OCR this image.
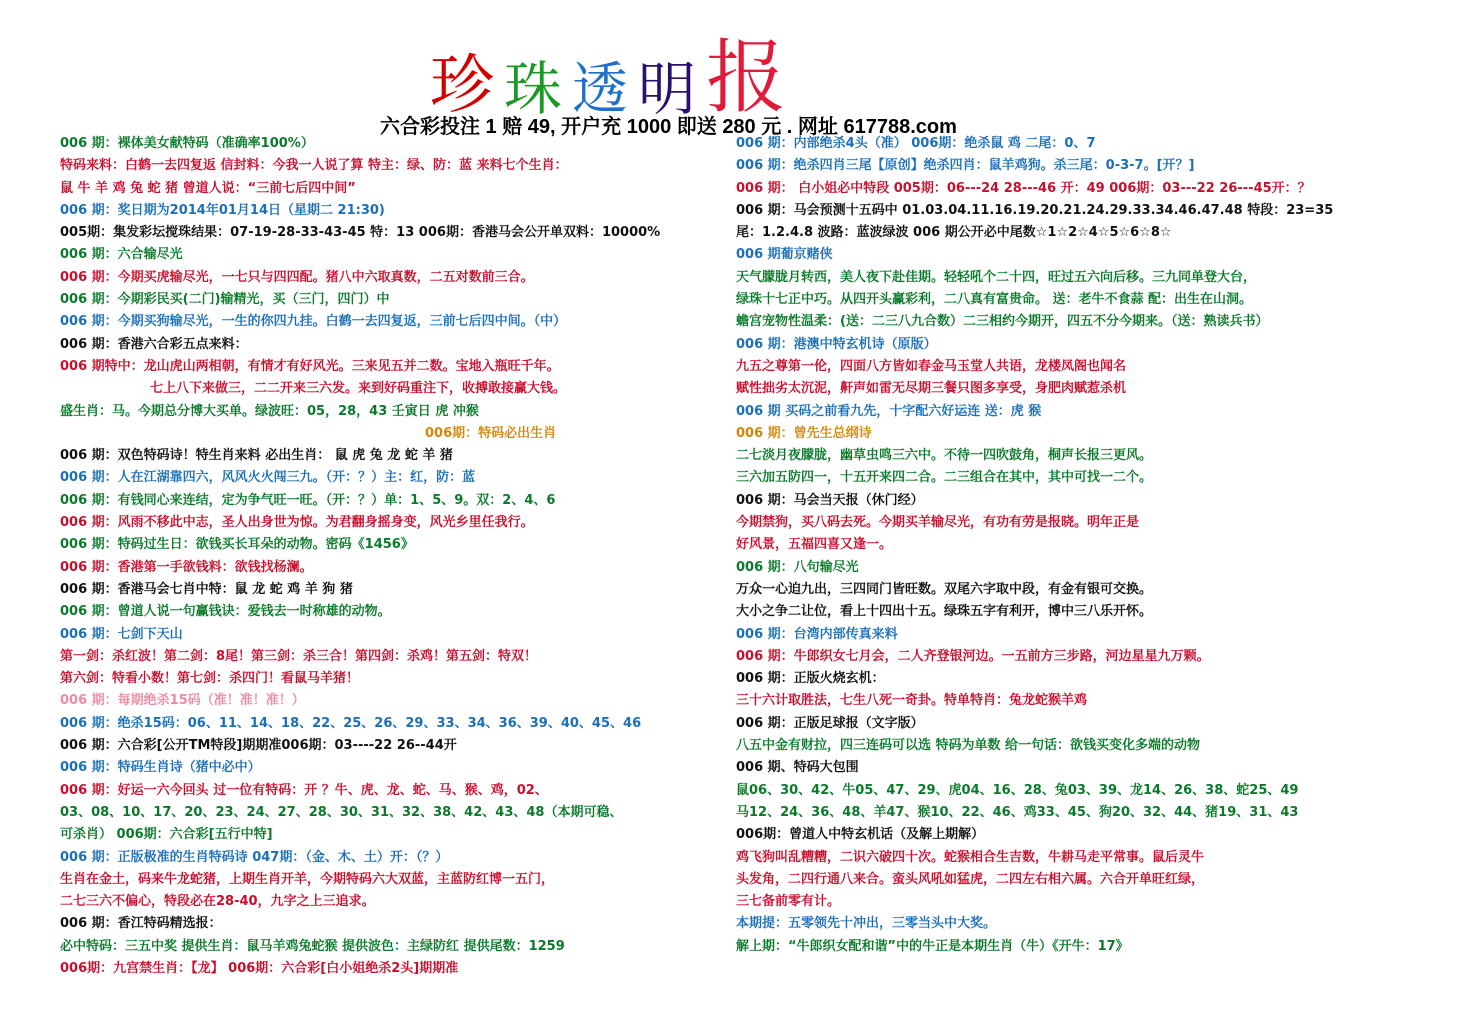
珍 珠 透 明 报
六合彩投注 1 赔 49, 开户充 1000 即送 280 元 . 网址 617788.com
006 期：裸体美女献特码（准确率100%）
特码来料：白鹤一去四复返 信封料：今我一人说了算 特主：绿、防：蓝 来料七个生肖：
鼠 牛 羊 鸡 兔 蛇 猪 曾道人说：“三前七后四中间”
006 期：奖日期为2014年01月14日（星期二 21:30)
005期：集发彩坛搅珠结果：07-19-28-33-43-45 特：13 006期：香港马会公开单双料：10000%
006 期：六合输尽光
006 期：今期买虎输尽光，一七只与四四配。猪八中六取真数，二五对数前三合。
006 期：今期彩民买(二门)输精光，买（三门，四门）中
006 期：今期买狗输尽光，一生的你四九挂。白鹤一去四复返，三前七后四中间。（中）
006 期：香港六合彩五点来料：
006 期特中：龙山虎山两相朝，有情才有好风光。三来见五并二数。宝地入瓶旺千年。
七上八下来做三，二二开来三六发。来到好码重注下，收搏敢接赢大钱。
盛生肖：马。今期总分博大买单。绿波旺：05，28，43 壬寅日 虎 冲猴
006期：特码必出生肖
006 期：双色特码诗！特生肖来料 必出生肖： 鼠 虎 兔 龙 蛇 羊 猪
006 期：人在江湖靠四六，风风火火闯三九。（开：？）主：红，防：蓝
006 期：有钱同心来连结，定为争气旺一旺。（开：？）单：1、5、9。双：2、4、6
006 期：风雨不移此中志，圣人出身世为惊。为君翻身摇身变，风光乡里任我行。
006 期：特码过生日：欲钱买长耳朵的动物。密码《1456》
006 期：香港第一手欲钱料：欲钱找杨澜。
006 期：香港马会七肖中特：鼠 龙 蛇 鸡 羊 狗 猪
006 期：曾道人说一句赢钱诀：爱钱去一时称雄的动物。
006 期：七剑下天山
第一剑：杀红波！第二剑：8尾！第三剑：杀三合！第四剑：杀鸡！第五剑：特双！
第六剑：特看小数！第七剑：杀四门！看鼠马羊猪！
006 期：每期绝杀15码（准！准！准！）
006 期：绝杀15码：06、11、14、18、22、25、26、29、33、34、36、39、40、45、46
006 期：六合彩[公开TM特段]期期准006期：03----22 26--44开
006 期：特码生肖诗（猪中必中）
006 期：好运一六今回头 过一位有特码：开 ？牛、虎、龙、蛇、马、猴、鸡，02、
03、08、10、17、20、23、24、27、28、30、31、32、38、42、43、48（本期可稳、
可杀肖） 006期：六合彩[五行中特]
006 期：正版极准的生肖特码诗 047期：（金、木、土）开：（？）
生肖在金土，码来牛龙蛇猪，上期生肖开羊，今期特码六大双蓝，主蓝防红博一五门，
二七三六不偏心，特段必在28-40，九字之上三追求。
006 期：香江特码精选报：
必中特码：三五中奖 提供生肖：鼠马羊鸡兔蛇猴 提供波色：主绿防红 提供尾数：1259
006期：九宫禁生肖：【龙】 006期：六合彩[白小姐绝杀2头]期期准
006 期：内部绝杀4头（准） 006期：绝杀鼠 鸡 二尾：0、7
006 期：绝杀四肖三尾【原创】绝杀四肖：鼠羊鸡狗。杀三尾：0-3-7。[开？]
006 期： 白小姐必中特段 005期：06---24 28---46 开：49 006期：03---22 26---45开：？
006 期：马会预测十五码中 01.03.04.11.16.19.20.21.24.29.33.34.46.47.48 特段：23=35
尾：1.2.4.8 波路：蓝波绿波 006 期公开必中尾数☆1☆2☆4☆5☆6☆8☆
006 期葡京赌侠
天气朦胧月转西，美人夜下赴佳期。轻轻吼个二十四，旺过五六向后移。三九同单登大台，
绿珠十七正中巧。从四开头赢彩利，二八真有富贵命。 送：老牛不食蒜 配：出生在山洞。
蟾宫宠物性温柔：(送：二三八九合数）二三相约今期开，四五不分今期来。（送：熟读兵书）
006 期：港澳中特玄机诗（原版）
九五之尊第一伦，四面八方皆如春金马玉堂人共语，龙楼凤阁也闻名
赋性拙劣太沉泥，鼾声如雷无尽期三餐只图多享受，身肥肉赋惹杀机
006 期 买码之前看九先，十字配六好运连 送：虎 猴
006 期：曾先生总纲诗
二七淡月夜朦胧，幽草虫鸣三六中。不待一四吹鼓角，桐声长报三更风。
三六加五防四一，十五开来四二合。二三组合在其中，其中可找一二个。
006 期：马会当天报（休门经）
今期禁狗，买八码去死。今期买羊输尽光，有功有劳是报晓。明年正是
好风景，五福四喜又逢一。
006 期：八句输尽光
万众一心迫九出，三四同门皆旺数。双尾六字取中段，有金有银可交换。
大小之争二让位，看上十四出十五。绿珠五字有利开，博中三八乐开怀。
006 期：台湾内部传真来料
006 期：牛郎织女七月会，二人齐登银河边。一五前方三步路，河边星星九万颗。
006 期：正版火烧玄机：
三十六计取胜法，七生八死一奇卦。特单特肖：兔龙蛇猴羊鸡
006 期：正版足球报（文字版）
八五中金有财拉，四三连码可以选 特码为单数 给一句话：欲钱买变化多端的动物
006 期、特码大包围
鼠06、30、42、牛05、47、29、虎04、16、28、兔03、39、龙14、26、38、蛇25、49
马12、24、36、48、羊47、猴10、22、46、鸡33、45、狗20、32、44、猪19、31、43
006期：曾道人中特玄机话（及解上期解）
鸡飞狗叫乱糟糟，二识六破四十次。蛇猴相合生吉数，牛耕马走平常事。鼠后灵牛
头发角，二四行通八来合。蛮头风吼如猛虎，二四左右相六属。六合开单旺红绿，
三七备前零有计。
本期提：五零领先十冲出，三零当头中大奖。
解上期：“牛郎织女配和谐”中的牛正是本期生肖（牛）《开牛：17》
